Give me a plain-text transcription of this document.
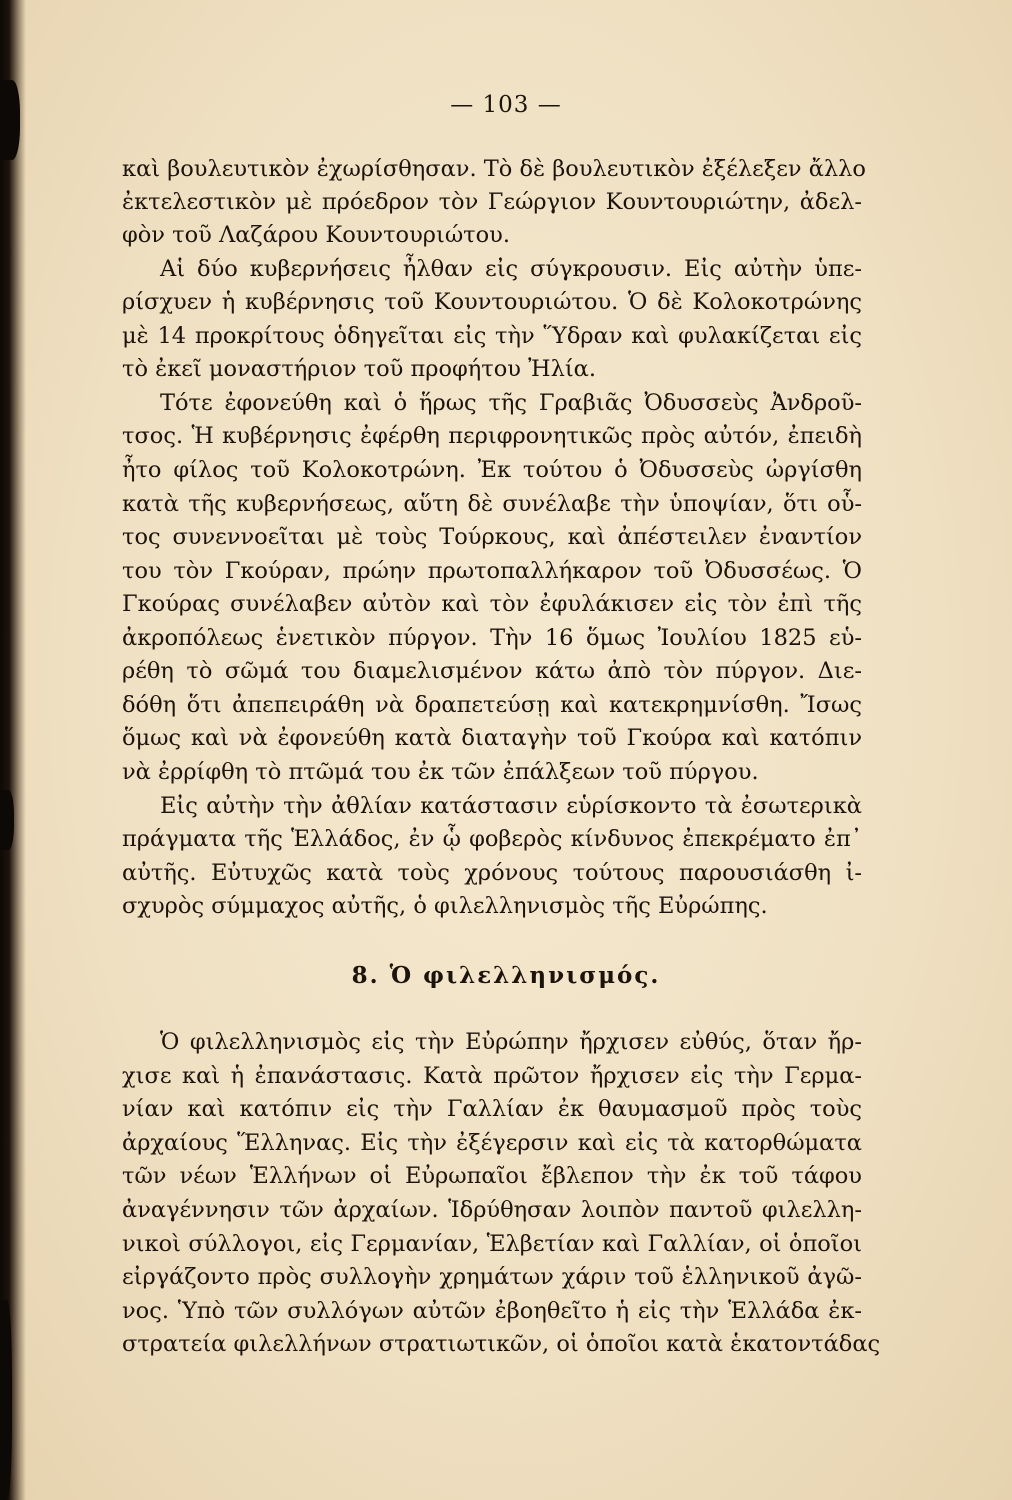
— 103 —
καὶ βουλευτικὸν ἐχωρίσθησαν. Τὸ δὲ βουλευτικὸν ἐξέλεξεν ἄλλο
ἐκτελεστικὸν μὲ πρόεδρον τὸν Γεώργιον Κουντουριώτην, ἀδελ-
φὸν τοῦ Λαζάρου Κουντουριώτου.
Αἱ δύο κυβερνήσεις ἦλθαν εἰς σύγκρουσιν. Εἰς αὐτὴν ὑπε-
ρίσχυεν ἡ κυβέρνησις τοῦ Κουντουριώτου. Ὁ δὲ Κολοκοτρώνης
μὲ 14 προκρίτους ὁδηγεῖται εἰς τὴν Ὕδραν καὶ φυλακίζεται εἰς
τὸ ἐκεῖ μοναστήριον τοῦ προφήτου Ἠλία.
Τότε ἐφονεύθη καὶ ὁ ἥρως τῆς Γραβιᾶς Ὀδυσσεὺς Ἀνδροῦ-
τσος. Ἡ κυβέρνησις ἐφέρθη περιφρονητικῶς πρὸς αὐτόν, ἐπειδὴ
ἦτο φίλος τοῦ Κολοκοτρώνη. Ἐκ τούτου ὁ Ὀδυσσεὺς ὠργίσθη
κατὰ τῆς κυβερνήσεως, αὕτη δὲ συνέλαβε τὴν ὑποψίαν, ὅτι οὗ-
τος συνεννοεῖται μὲ τοὺς Τούρκους, καὶ ἀπέστειλεν ἐναντίον
του τὸν Γκούραν, πρώην πρωτοπαλλήκαρον τοῦ Ὀδυσσέως. Ὁ
Γκούρας συνέλαβεν αὐτὸν καὶ τὸν ἐφυλάκισεν εἰς τὸν ἐπὶ τῆς
ἀκροπόλεως ἑνετικὸν πύργον. Τὴν 16 ὅμως Ἰουλίου 1825 εὑ-
ρέθη τὸ σῶμά του διαμελισμένον κάτω ἀπὸ τὸν πύργον. Διε-
δόθη ὅτι ἀπεπειράθη νὰ δραπετεύσῃ καὶ κατεκρημνίσθη. Ἴσως
ὅμως καὶ νὰ ἐφονεύθη κατὰ διαταγὴν τοῦ Γκούρα καὶ κατόπιν
νὰ ἐρρίφθη τὸ πτῶμά του ἐκ τῶν ἐπάλξεων τοῦ πύργου.
Εἰς αὐτὴν τὴν ἀθλίαν κατάστασιν εὑρίσκοντο τὰ ἐσωτερικὰ
πράγματα τῆς Ἑλλάδος, ἐν ᾧ φοβερὸς κίνδυνος ἐπεκρέματο ἐπ᾽
αὐτῆς. Εὐτυχῶς κατὰ τοὺς χρόνους τούτους παρουσιάσθη ἰ-
σχυρὸς σύμμαχος αὐτῆς, ὁ φιλελληνισμὸς τῆς Εὐρώπης.
8. Ὁ φιλελληνισμός.
Ὁ φιλελληνισμὸς εἰς τὴν Εὐρώπην ἤρχισεν εὐθύς, ὅταν ἤρ-
χισε καὶ ἡ ἐπανάστασις. Κατὰ πρῶτον ἤρχισεν εἰς τὴν Γερμα-
νίαν καὶ κατόπιν εἰς τὴν Γαλλίαν ἐκ θαυμασμοῦ πρὸς τοὺς
ἀρχαίους Ἕλληνας. Εἰς τὴν ἐξέγερσιν καὶ εἰς τὰ κατορθώματα
τῶν νέων Ἑλλήνων οἱ Εὐρωπαῖοι ἔβλεπον τὴν ἐκ τοῦ τάφου
ἀναγέννησιν τῶν ἀρχαίων. Ἱδρύθησαν λοιπὸν παντοῦ φιλελλη-
νικοὶ σύλλογοι, εἰς Γερμανίαν, Ἑλβετίαν καὶ Γαλλίαν, οἱ ὁποῖοι
εἰργάζοντο πρὸς συλλογὴν χρημάτων χάριν τοῦ ἑλληνικοῦ ἀγῶ-
νος. Ὑπὸ τῶν συλλόγων αὐτῶν ἐβοηθεῖτο ἡ εἰς τὴν Ἑλλάδα ἐκ-
στρατεία φιλελλήνων στρατιωτικῶν, οἱ ὁποῖοι κατὰ ἑκατοντάδας
